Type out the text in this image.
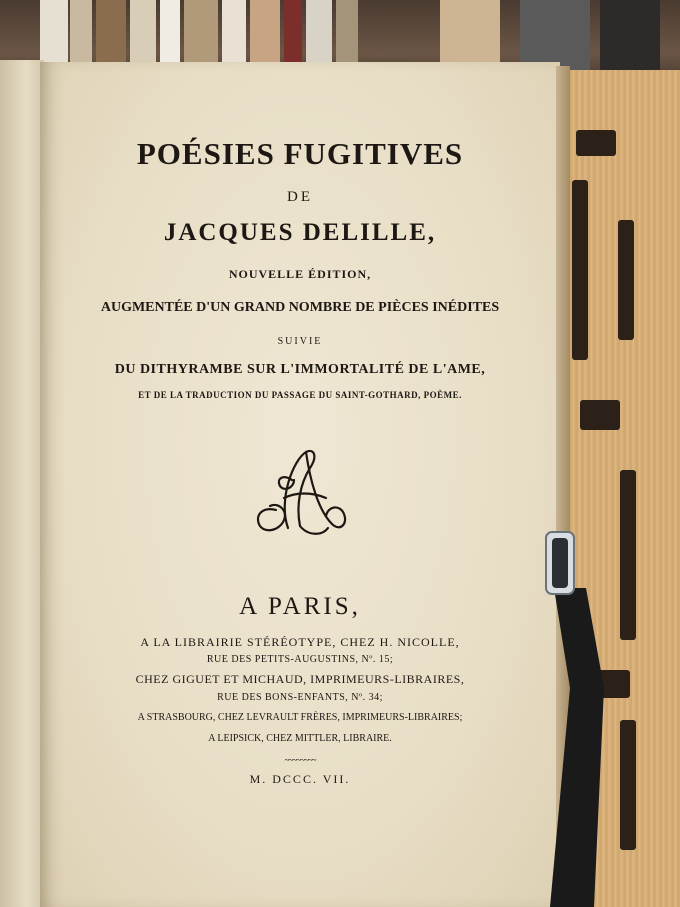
POÉSIES FUGITIVES
DE
JACQUES DELILLE,
NOUVELLE ÉDITION,
AUGMENTÉE D'UN GRAND NOMBRE DE PIÈCES INÉDITES
SUIVIE
DU DITHYRAMBE SUR L'IMMORTALITÉ DE L'AME,
ET DE LA TRADUCTION DU PASSAGE DU SAINT-GOTHARD, POÈME.
A PARIS,
A LA LIBRAIRIE STÉRÉOTYPE, CHEZ H. NICOLLE,
RUE DES PETITS-AUGUSTINS, Nº. 15;
CHEZ GIGUET ET MICHAUD, IMPRIMEURS-LIBRAIRES,
RUE DES BONS-ENFANTS, Nº. 34;
A STRASBOURG, CHEZ LEVRAULT FRÈRES, IMPRIMEURS-LIBRAIRES;
A LEIPSICK, CHEZ MITTLER, LIBRAIRE.
~~~~~~~~
M. DCCC. VII.
